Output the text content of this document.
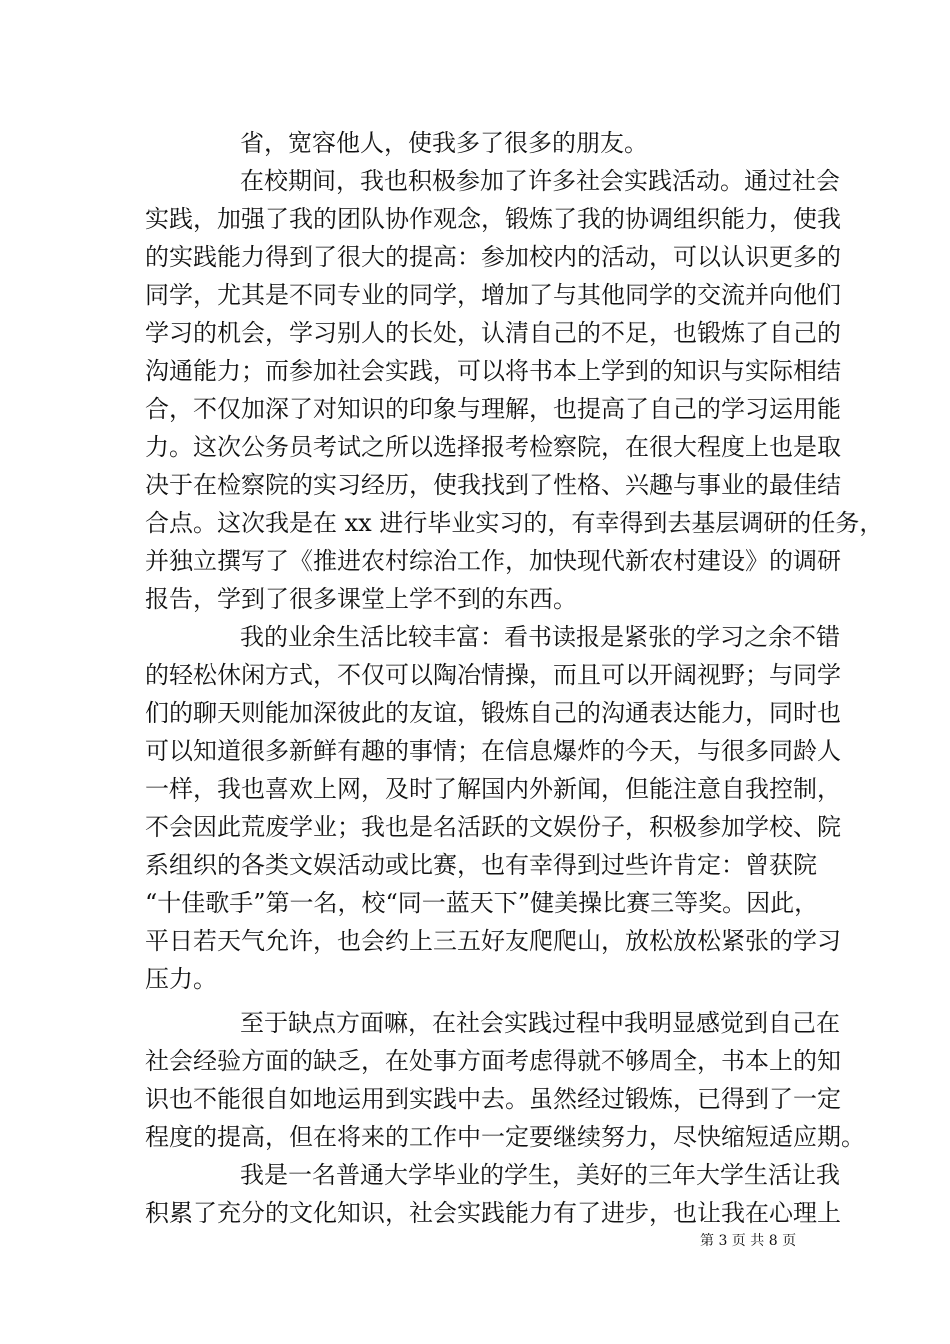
省，宽容他人，使我多了很多的朋友。
在校期间，我也积极参加了许多社会实践活动。通过社会
实践，加强了我的团队协作观念，锻炼了我的协调组织能力，使我
的实践能力得到了很大的提高：参加校内的活动，可以认识更多的
同学，尤其是不同专业的同学，增加了与其他同学的交流并向他们
学习的机会，学习别人的长处，认清自己的不足，也锻炼了自己的
沟通能力；而参加社会实践，可以将书本上学到的知识与实际相结
合，不仅加深了对知识的印象与理解，也提高了自己的学习运用能
力。这次公务员考试之所以选择报考检察院，在很大程度上也是取
决于在检察院的实习经历，使我找到了性格、兴趣与事业的最佳结
合点。这次我是在 xx 进行毕业实习的，有幸得到去基层调研的任务，
并独立撰写了《推进农村综治工作，加快现代新农村建设》的调研
报告，学到了很多课堂上学不到的东西。
我的业余生活比较丰富：看书读报是紧张的学习之余不错
的轻松休闲方式，不仅可以陶冶情操，而且可以开阔视野；与同学
们的聊天则能加深彼此的友谊，锻炼自己的沟通表达能力，同时也
可以知道很多新鲜有趣的事情；在信息爆炸的今天，与很多同龄人
一样，我也喜欢上网，及时了解国内外新闻，但能注意自我控制，
不会因此荒废学业；我也是名活跃的文娱份子，积极参加学校、院
系组织的各类文娱活动或比赛，也有幸得到过些许肯定：曾获院
“十佳歌手”第一名，校“同一蓝天下”健美操比赛三等奖。因此，
平日若天气允许，也会约上三五好友爬爬山，放松放松紧张的学习
压力。
至于缺点方面嘛，在社会实践过程中我明显感觉到自己在
社会经验方面的缺乏，在处事方面考虑得就不够周全，书本上的知
识也不能很自如地运用到实践中去。虽然经过锻炼，已得到了一定
程度的提高，但在将来的工作中一定要继续努力，尽快缩短适应期。
我是一名普通大学毕业的学生，美好的三年大学生活让我
积累了充分的文化知识，社会实践能力有了进步，也让我在心理上
第 3 页 共 8 页
